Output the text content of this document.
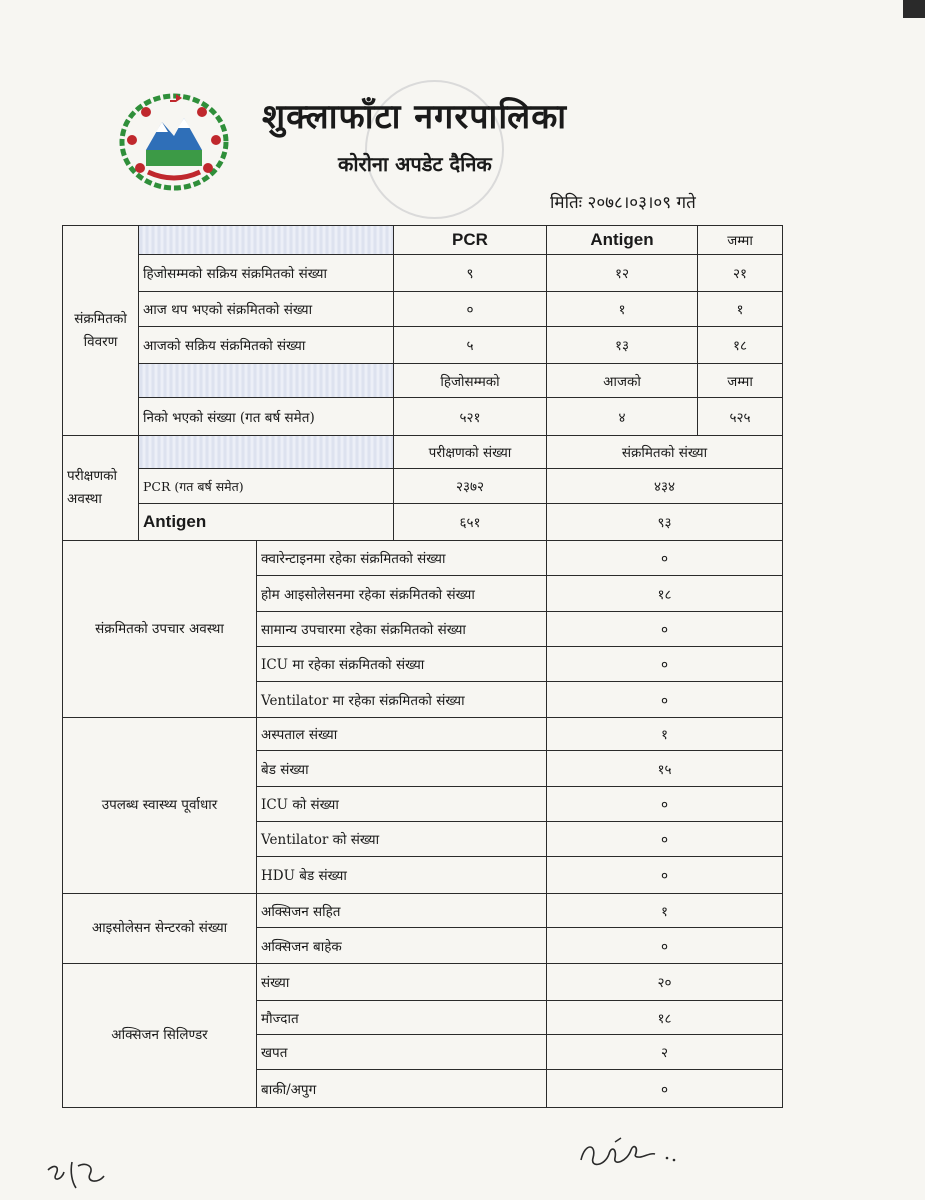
शुक्लाफाँटा नगरपालिका
कोरोना अपडेट दैनिक
मितिः २०७८।०३।०९ गते
संक्रमितको विवरण			PCR	Antigen	जम्मा
	हिजोसम्मको सक्रिय संक्रमितको संख्या		९	१२	२१
	आज थप भएको संक्रमितको संख्या		०	१	१
	आजको सक्रिय संक्रमितको संख्या		५	१३	१८
			हिजोसम्मको	आजको	जम्मा
	निको भएको संख्या (गत बर्ष समेत)		५२१	४	५२५
परीक्षणको अवस्था			परीक्षणको संख्या	संक्रमितको संख्या	
	PCR (गत बर्ष समेत)		२३७२	४३४	
	Antigen		६५१	९३	
संक्रमितको उपचार अवस्था		क्वारेन्टाइनमा रहेका संक्रमितको संख्या		०	
		होम आइसोलेसनमा रहेका संक्रमितको संख्या		१८	
		सामान्य उपचारमा रहेका संक्रमितको संख्या		०	
		ICU मा रहेका संक्रमितको संख्या		०	
		Ventilator मा रहेका संक्रमितको संख्या		०	
उपलब्ध स्वास्थ्य पूर्वाधार		अस्पताल संख्या		१	
		बेड संख्या		१५	
		ICU को संख्या		०	
		Ventilator को संख्या		०	
		HDU बेड संख्या		०	
आइसोलेसन सेन्टरको संख्या		अक्सिजन सहित		१	
		अक्सिजन बाहेक		०	
अक्सिजन सिलिण्डर		संख्या		२०	
		मौज्दात		१८	
		खपत		२	
		बाकी/अपुग		०	
